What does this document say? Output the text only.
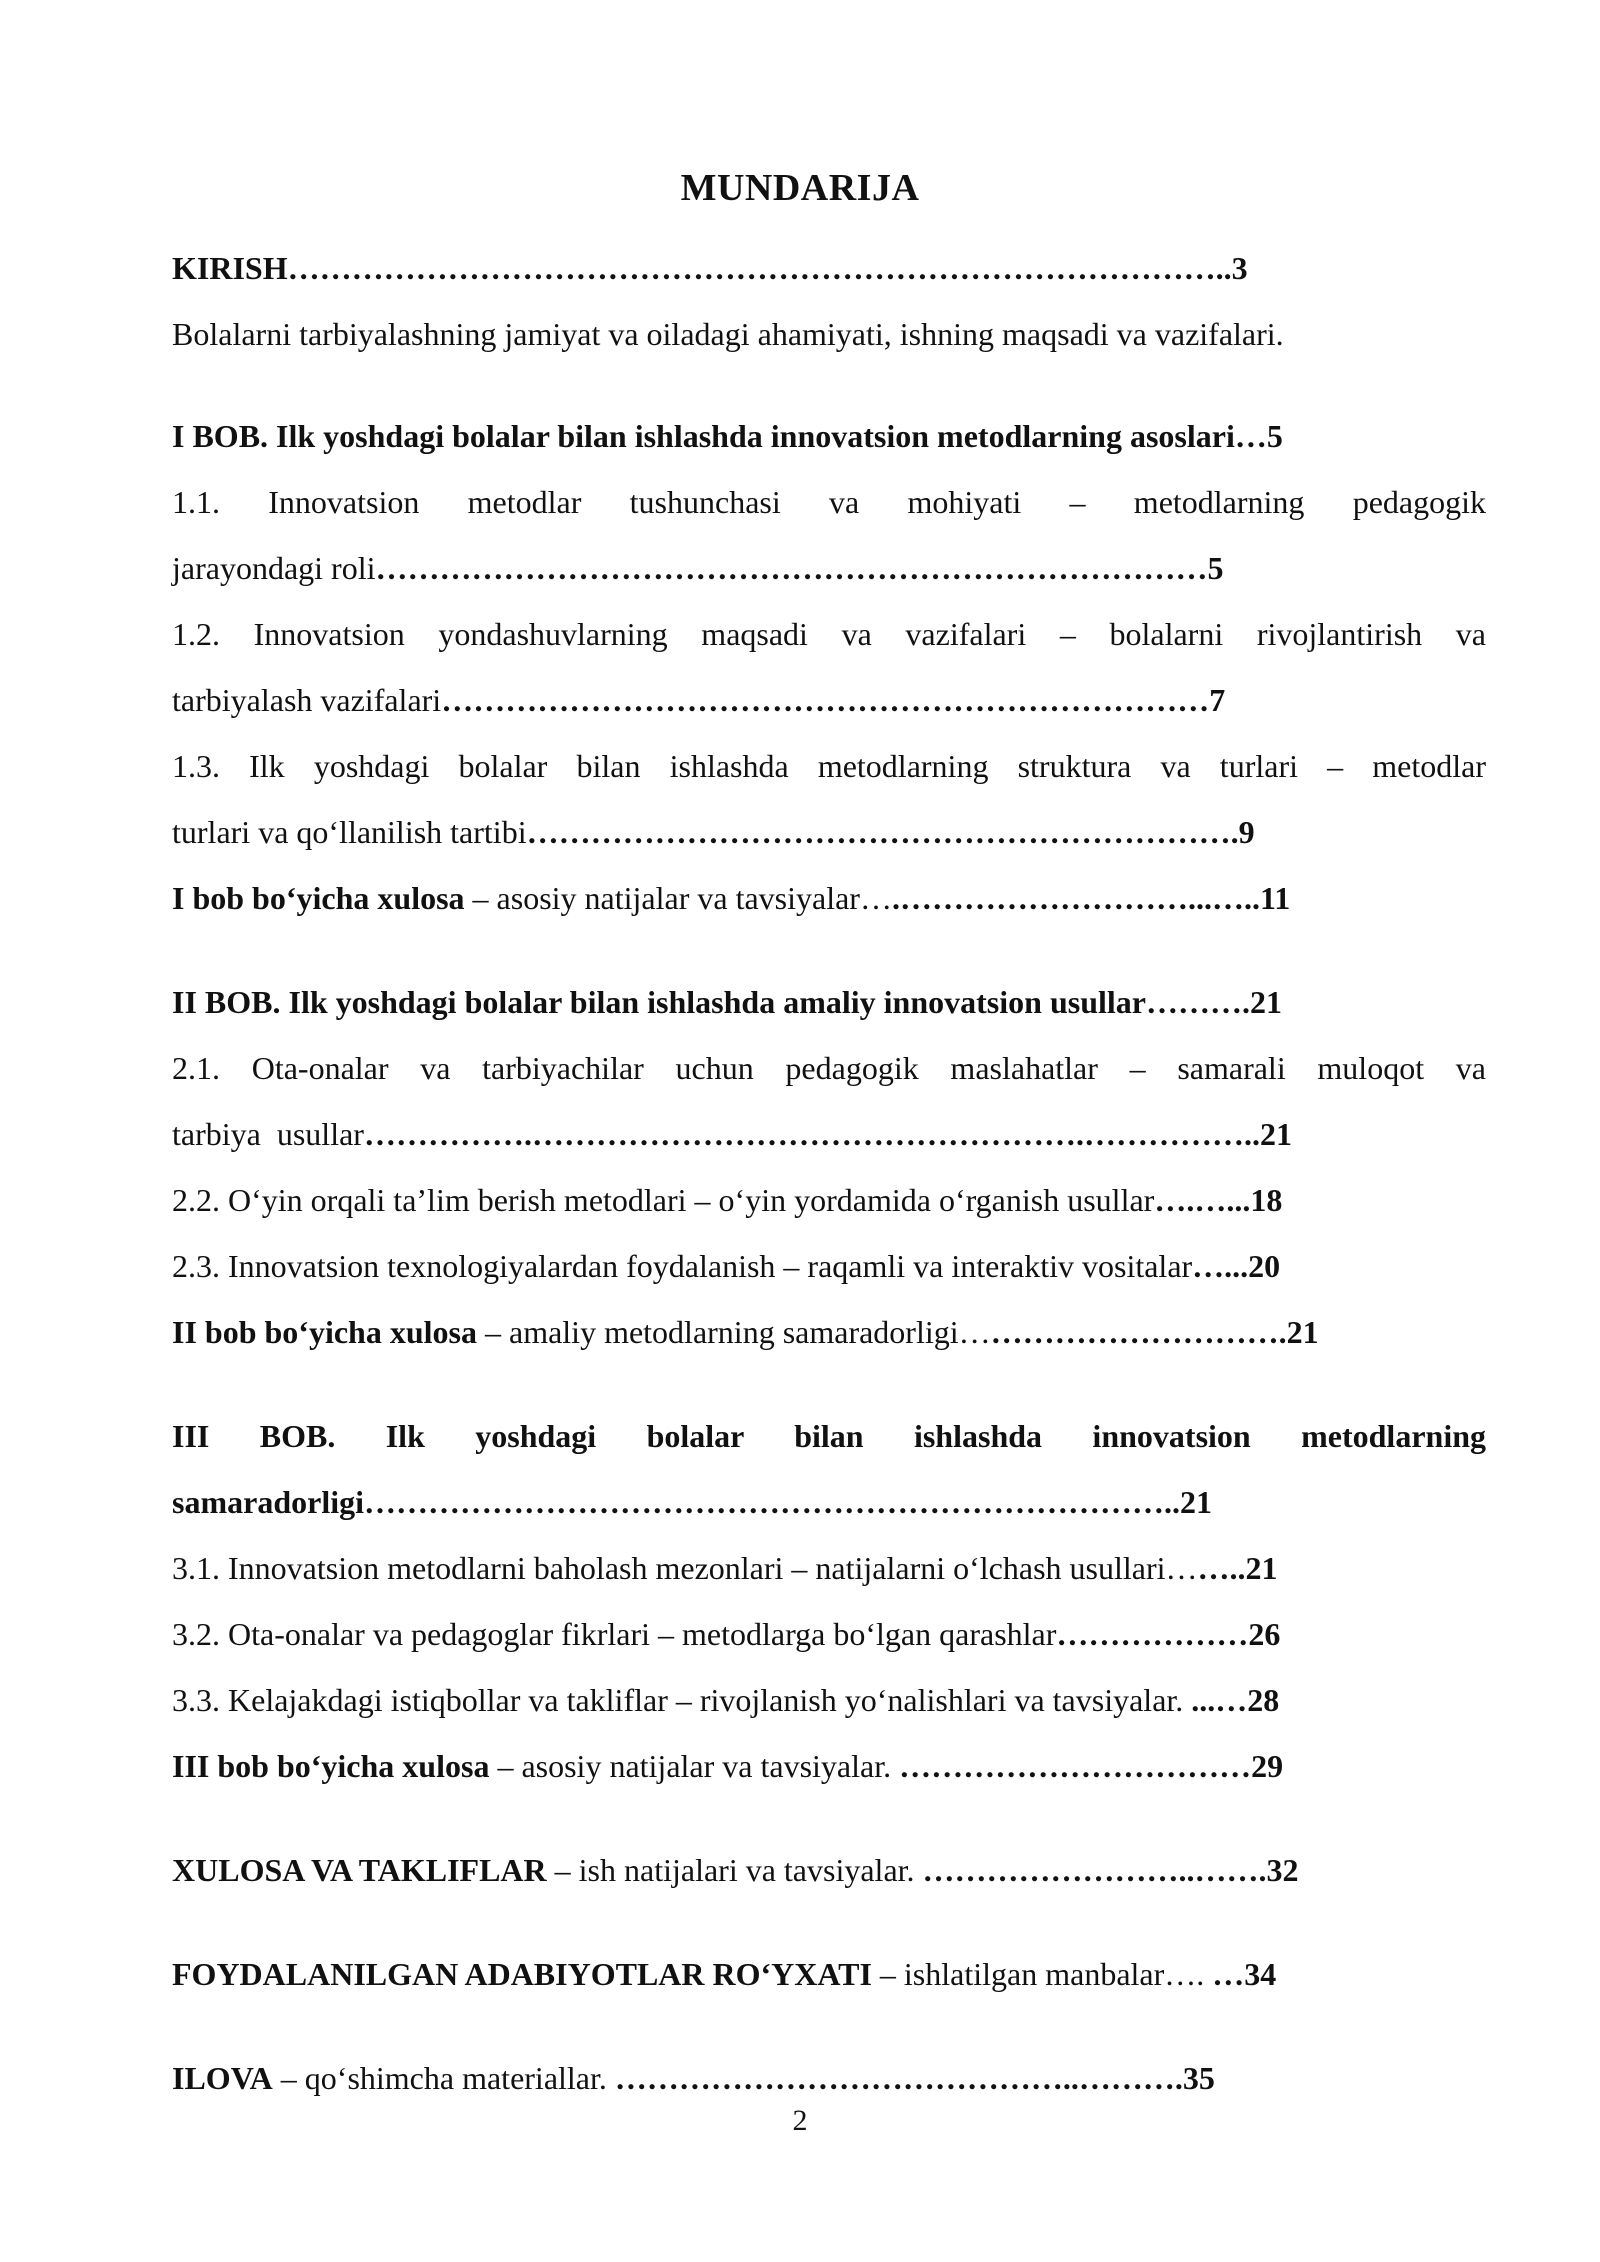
MUNDARIJA
KIRISH……………………………………………………………………………..3
Bolalarni tarbiyalashning jamiyat va oiladagi ahamiyati, ishning maqsadi va vazifalari.
I BOB. Ilk yoshdagi bolalar bilan ishlashda innovatsion metodlarning asoslari…5
1.1. Innovatsion metodlar tushunchasi va mohiyati – metodlarning pedagogik
jarayondagi roli……………………………………………………………………5
1.2. Innovatsion yondashuvlarning maqsadi va vazifalari – bolalarni rivojlantirish va
tarbiyalash vazifalari………………………………………………………………7
1.3. Ilk yoshdagi bolalar bilan ishlashda metodlarning struktura va turlari – metodlar
turlari va qo‘llanilish tartibi………………………………………………………….9
I bob bo‘yicha xulosa – asosiy natijalar va tavsiyalar….………………………...…..11
II BOB. Ilk yoshdagi bolalar bilan ishlashda amaliy innovatsion usullar……….21
2.1. Ota-onalar va tarbiyachilar uchun pedagogik maslahatlar – samarali muloqot va
tarbiya  usullar…………….…………………………………………….……………..21
2.2. O‘yin orqali ta’lim berish metodlari – o‘yin yordamida o‘rganish usullar….…...18
2.3. Innovatsion texnologiyalardan foydalanish – raqamli va interaktiv vositalar…...20
II bob bo‘yicha xulosa – amaliy metodlarning samaradorligi………………………….21
III BOB. Ilk yoshdagi bolalar bilan ishlashda innovatsion metodlarning
samaradorligi…………………………………………………………………..21
3.1. Innovatsion metodlarni baholash mezonlari – natijalarni o‘lchash usullari……..21
3.2. Ota-onalar va pedagoglar fikrlari – metodlarga bo‘lgan qarashlar………………26
3.3. Kelajakdagi istiqbollar va takliflar – rivojlanish yo‘nalishlari va tavsiyalar. ...…28
III bob bo‘yicha xulosa – asosiy natijalar va tavsiyalar. ……………………………29
XULOSA VA TAKLIFLAR – ish natijalari va tavsiyalar. ……………………..…….32
FOYDALANILGAN ADABIYOTLAR RO‘YXATI – ishlatilgan manbalar…. …34
ILOVA – qo‘shimcha materiallar. ……………………………………..……….35
2
